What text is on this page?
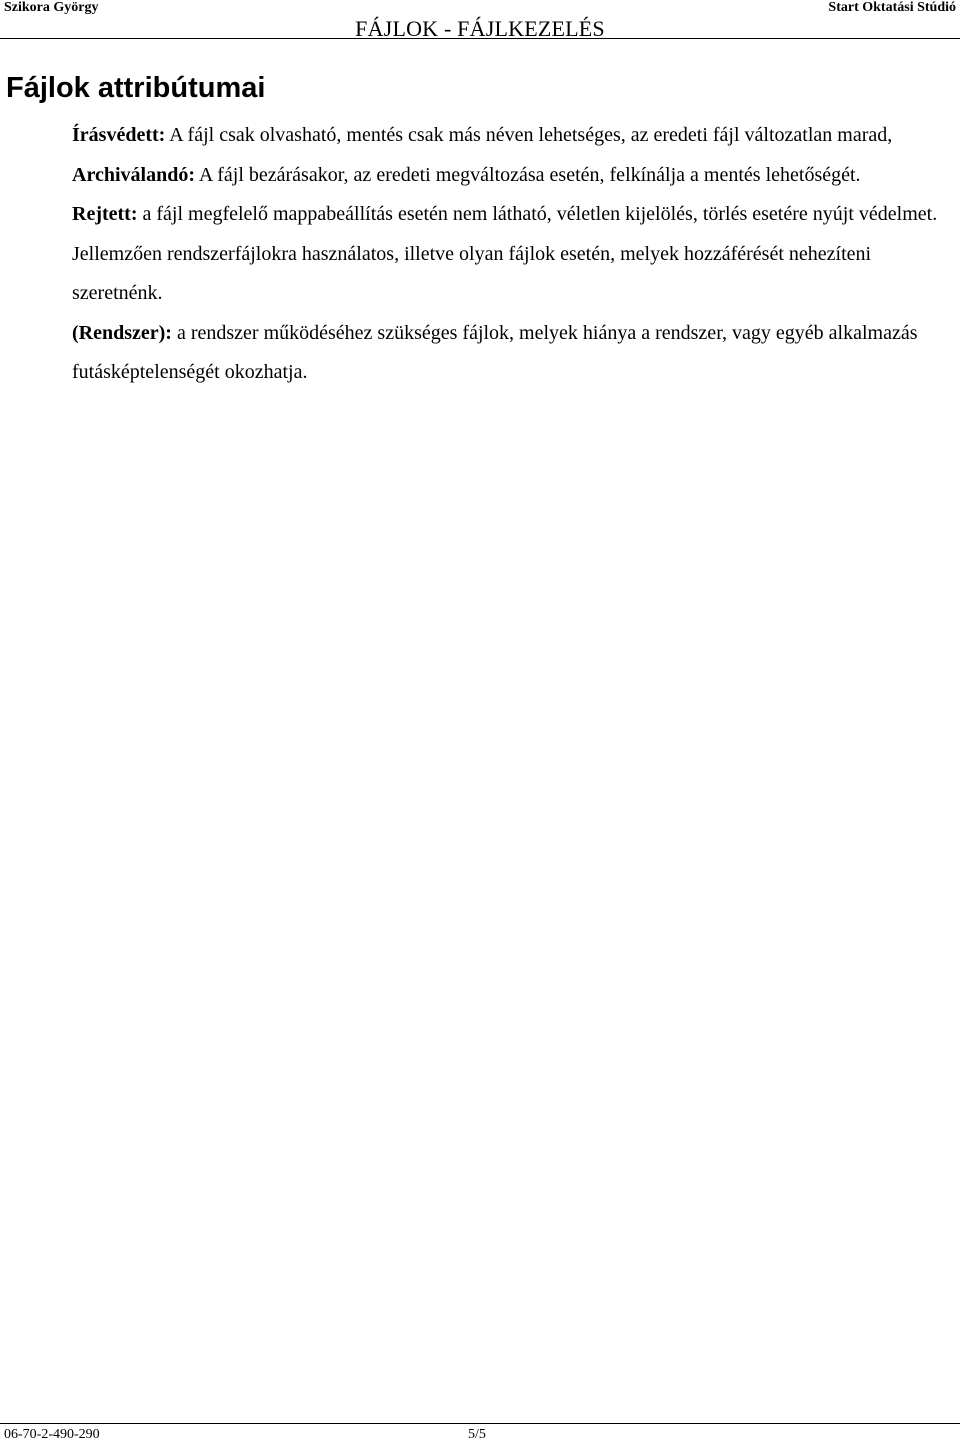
Szikora György
FÁJLOK - FÁJLKEZELÉS
Start Oktatási Stúdió
Fájlok attribútumai

Írásvédett: A fájl csak olvasható, mentés csak más néven lehetséges, az eredeti fájl változatlan marad,

Archiválandó: A fájl bezárásakor, az eredeti megváltozása esetén, felkínálja a mentés lehetőségét.

Rejtett: a fájl megfelelő mappabeállítás esetén nem látható, véletlen kijelölés, törlés esetére nyújt védelmet. Jellemzően rendszerfájlokra használatos, illetve olyan fájlok esetén, melyek hozzáférését nehezíteni szeretnénk.

(Rendszer): a rendszer működéséhez szükséges fájlok, melyek hiánya a rendszer, vagy egyéb alkalmazás futásképtelenségét okozhatja.

06-70-2-490-290	5/5
